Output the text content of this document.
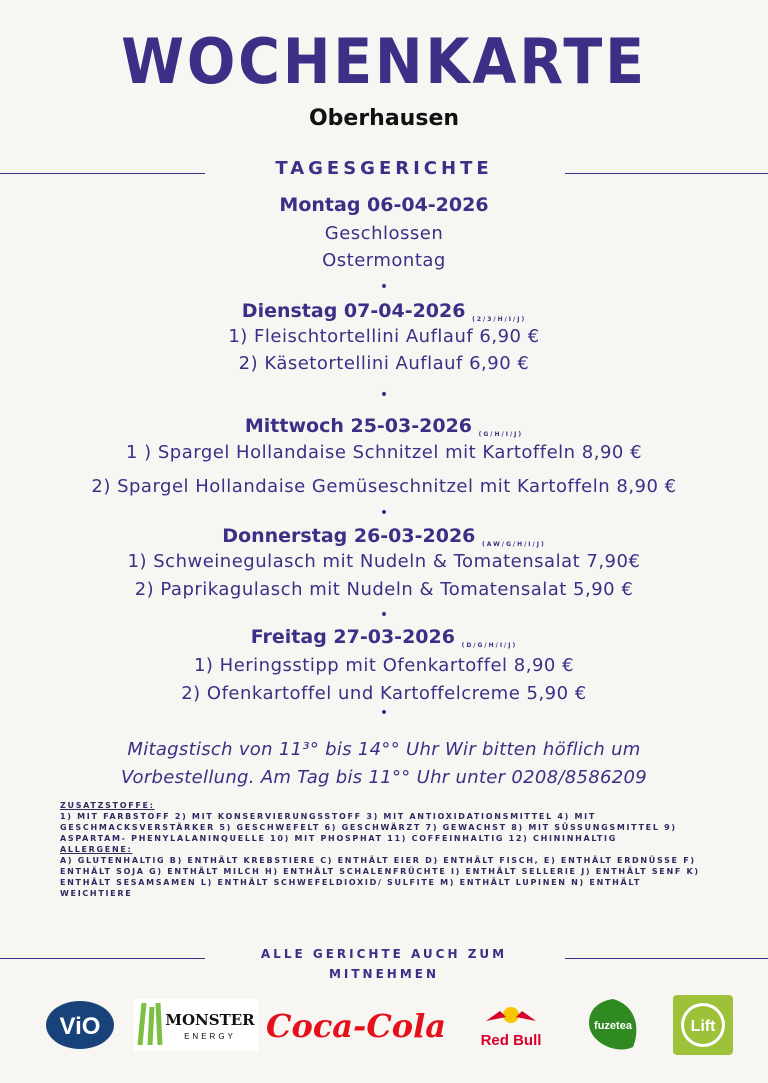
WOCHENKARTE
Oberhausen
TAGESGERICHTE
Montag 06-04-2026
Geschlossen
Ostermontag
•
Dienstag 07-04-2026 $_{(2/3/H/I/J)}$
1) Fleischtortellini Auflauf 6,90 €
2) Käsetortellini Auflauf 6,90 €
•
Mittwoch 25-03-2026 $_{(G/H/I/J)}$
1 ) Spargel Hollandaise Schnitzel mit Kartoffeln 8,90 €
2) Spargel Hollandaise Gemüseschnitzel mit Kartoffeln 8,90 €
•
Donnerstag 26-03-2026 $_{(AW/G/H/I/J)}$
1) Schweinegulasch mit Nudeln & Tomatensalat 7,90€
2) Paprikagulasch mit Nudeln & Tomatensalat 5,90 €
•
Freitag 27-03-2026 $_{(D/G/H/I/J)}$
1) Heringsstipp mit Ofenkartoffel 8,90 €
2) Ofenkartoffel und Kartoffelcreme 5,90 €
•
Mitagstisch von 11³° bis 14°° Uhr Wir bitten höflich um
Vorbestellung. Am Tag bis 11°° Uhr unter 0208/8586209
ZUSATZSTOFFE:
1) MIT FARBSTOFF 2) MIT KONSERVIERUNGSSTOFF 3) MIT ANTIOXIDATIONSMITTEL 4) MIT GESCHMACKSVERSTÄRKER 5) GESCHWEFELT 6) GESCHWÄRZT 7) GEWACHST 8) MIT SÜSSUNGSMITTEL 9) ASPARTAM- PHENYLALANINQUELLE 10) MIT PHOSPHAT 11) COFFEINHALTIG 12) CHININHALTIG
ALLERGENE:
A) GLUTENHALTIG B) ENTHÄLT KREBSTIERE C) ENTHÄLT EIER D) ENTHÄLT FISCH, E) ENTHÄLT ERDNÜSSE F) ENTHÄLT SOJA G) ENTHÄLT MILCH H) ENTHÄLT SCHALENFRÜCHTE I) ENTHÄLT SELLERIE J) ENTHÄLT SENF K) ENTHÄLT SESAMSAMEN L) ENTHÄLT SCHWEFELDIOXID/ SULFITE M) ENTHÄLT LUPINEN N) ENTHÄLT WEICHTIERE
ALLE GERICHTE AUCH ZUM
MITNEHMEN
ViO	MONSTER
ENERGY Coca-Cola Red Bull
fuzetea	Lift
